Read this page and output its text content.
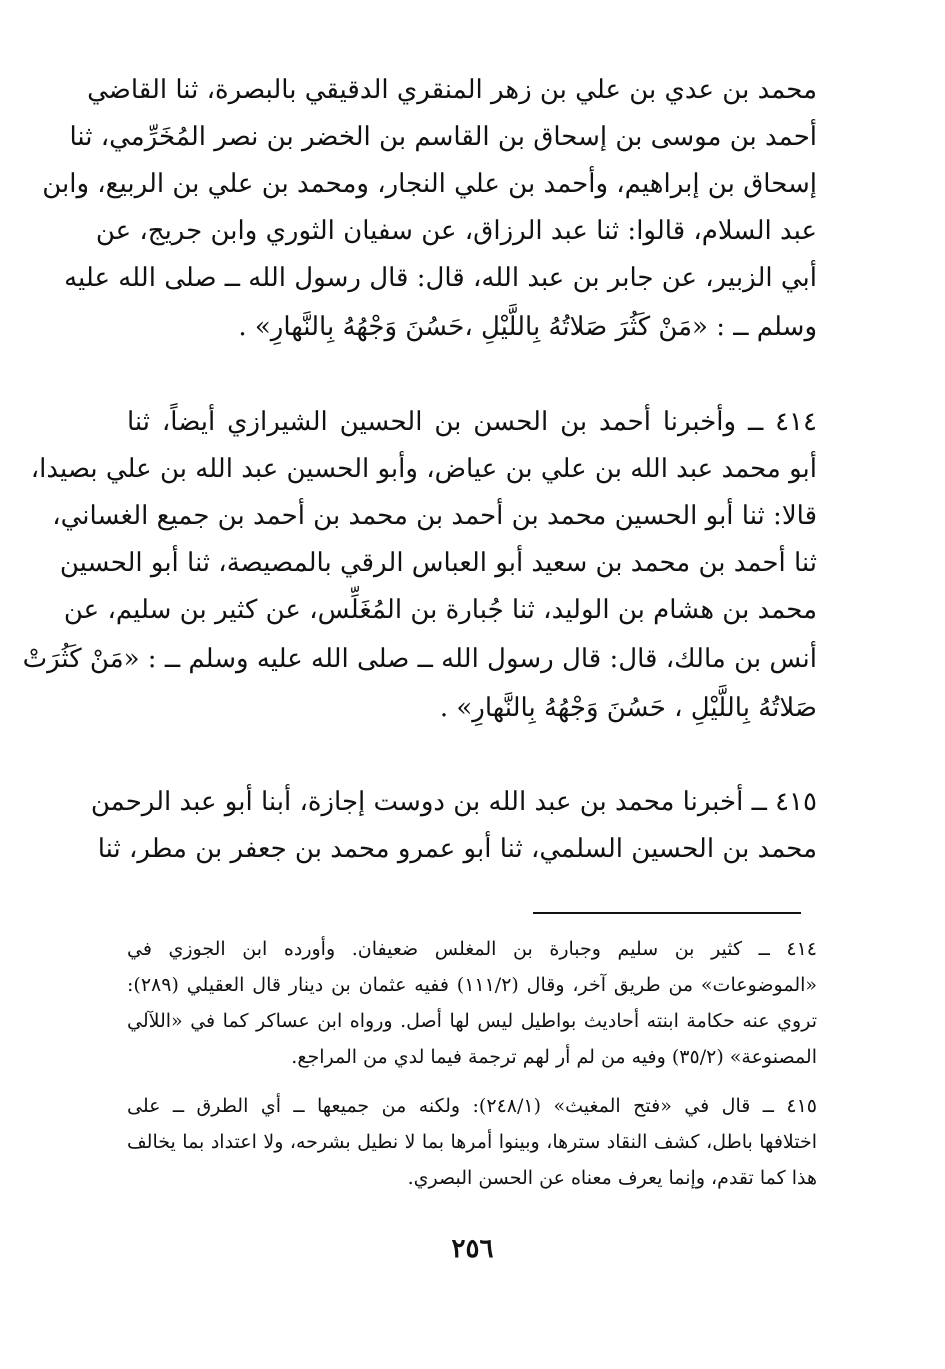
محمد بن عدي بن علي بن زهر المنقري الدقيقي بالبصرة، ثنا القاضي
أحمد بن موسى بن إسحاق بن القاسم بن الخضر بن نصر المُخَرِّمي، ثنا
إسحاق بن إبراهيم، وأحمد بن علي النجار، ومحمد بن علي بن الربيع، وابن
عبد السلام، قالوا: ثنا عبد الرزاق، عن سفيان الثوري وابن جريج، عن
أبي الزبير، عن جابر بن عبد الله، قال: قال رسول الله ــ صلى الله عليه
وسلم ــ : «مَنْ كَثُرَ صَلاتُهُ بِاللَّيْلِ ،حَسُنَ وَجْهُهُ بِالنَّهارِ» .
٤١٤ ــ وأخبرنا أحمد بن الحسن بن الحسين الشيرازي أيضاً، ثنا
أبو محمد عبد الله بن علي بن عياض، وأبو الحسين عبد الله بن علي بصيدا،
قالا: ثنا أبو الحسين محمد بن أحمد بن محمد بن أحمد بن جميع الغساني،
ثنا أحمد بن محمد بن سعيد أبو العباس الرقي بالمصيصة، ثنا أبو الحسين
محمد بن هشام بن الوليد، ثنا جُبارة بن المُغَلِّس، عن كثير بن سليم، عن
أنس بن مالك، قال: قال رسول الله ــ صلى الله عليه وسلم ــ : «مَنْ كَثُرَتْ
صَلاتُهُ بِاللَّيْلِ ، حَسُنَ وَجْهُهُ بِالنَّهارِ» .
٤١٥ ــ أخبرنا محمد بن عبد الله بن دوست إجازة، أبنا أبو عبد الرحمن
محمد بن الحسين السلمي، ثنا أبو عمرو محمد بن جعفر بن مطر، ثنا
٤١٤ ــ كثير بن سليم وجبارة بن المغلس ضعيفان. وأورده ابن الجوزي في
«الموضوعات» من طريق آخر، وقال (١١١/٢) ففيه عثمان بن دينار قال العقيلي (٢٨٩):
تروي عنه حكامة ابنته أحاديث بواطيل ليس لها أصل. ورواه ابن عساكر كما في «اللآلي
المصنوعة» (٣٥/٢) وفيه من لم أر لهم ترجمة فيما لدي من المراجع.
٤١٥ ــ قال في «فتح المغيث» (٢٤٨/١): ولكنه من جميعها ــ أي الطرق ــ على
اختلافها باطل، كشف النقاد سترها، وبينوا أمرها بما لا نطيل بشرحه، ولا اعتداد بما يخالف
هذا كما تقدم، وإنما يعرف معناه عن الحسن البصري.
٢٥٦
